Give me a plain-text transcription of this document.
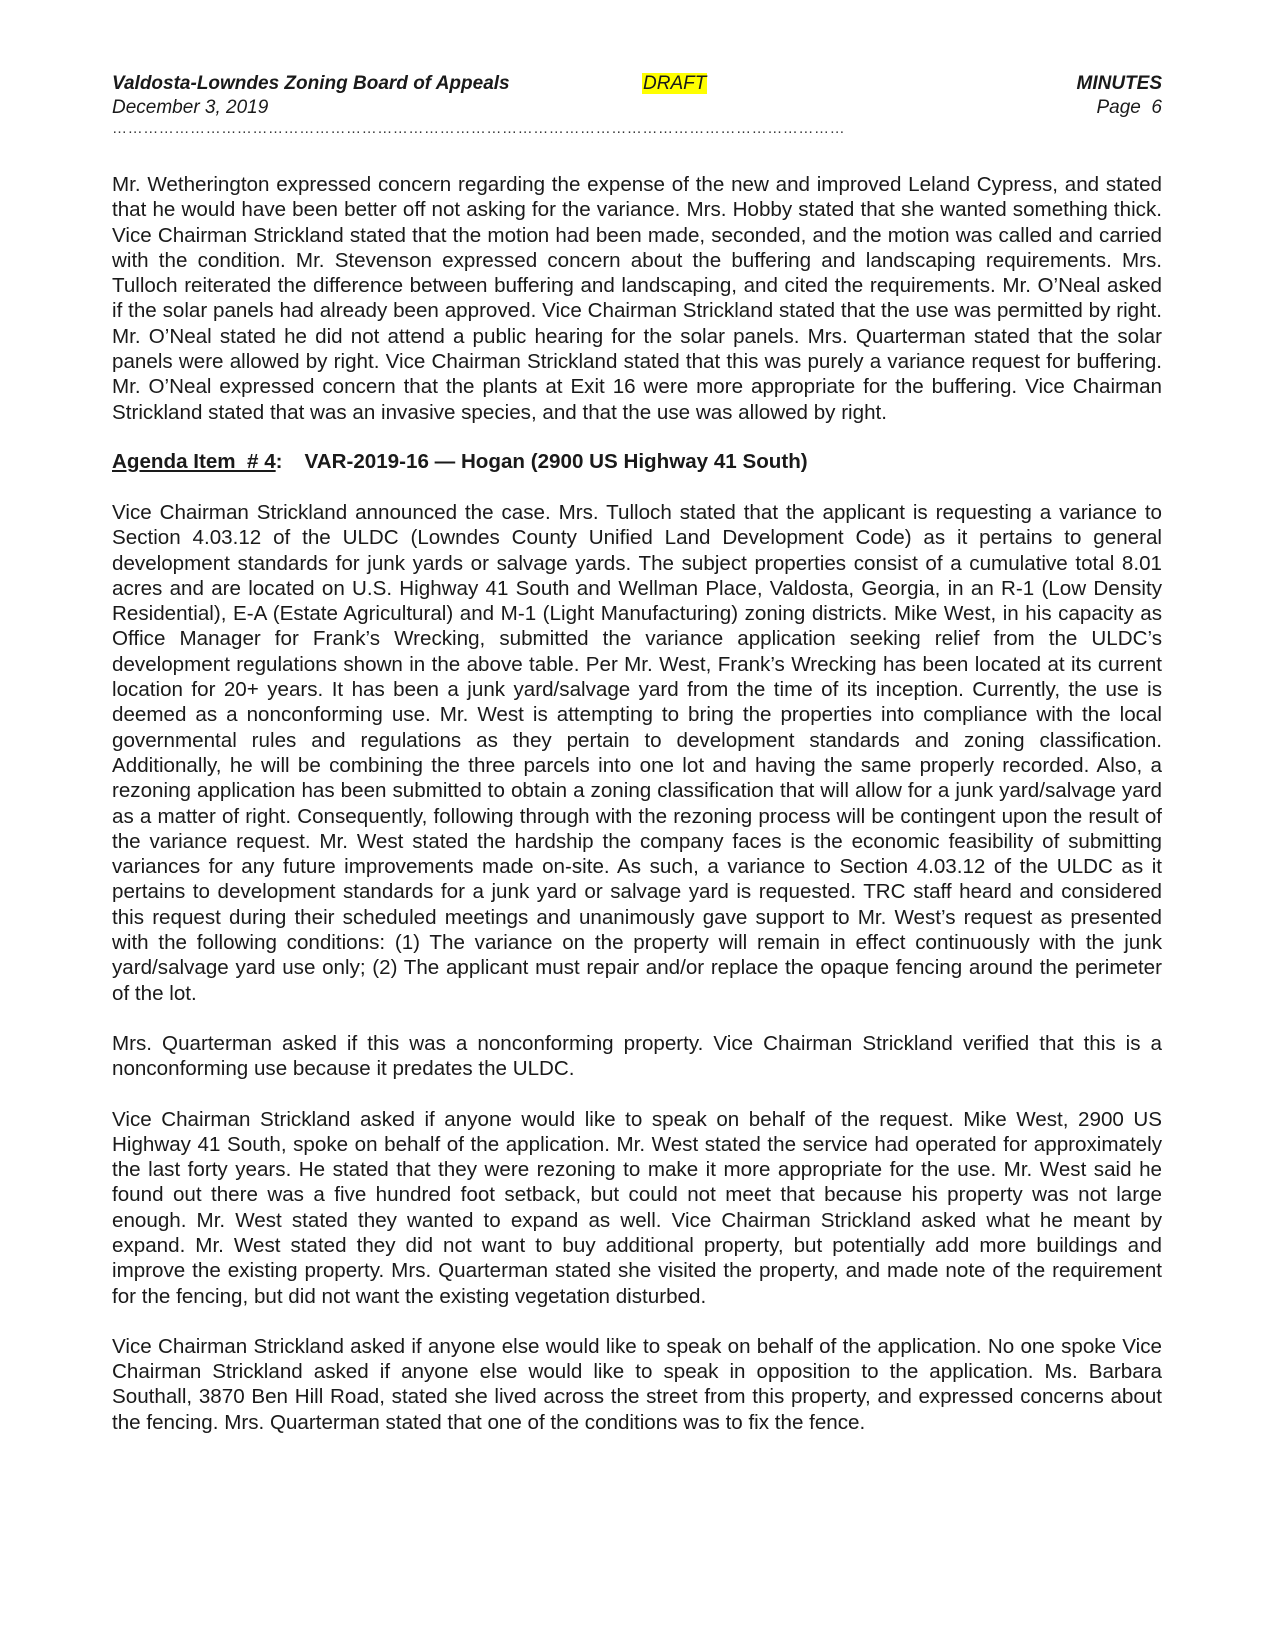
Valdosta-Lowndes Zoning Board of Appeals	DRAFT	MINUTES
December 3, 2019	Page  6
……………………………………………………………………………………………………………………………

Mr. Wetherington expressed concern regarding the expense of the new and improved Leland Cypress, and stated that he would have been better off not asking for the variance. Mrs. Hobby stated that she wanted something thick. Vice Chairman Strickland stated that the motion had been made, seconded, and the motion was called and carried with the condition. Mr. Stevenson expressed concern about the buffering and landscaping requirements. Mrs. Tulloch reiterated the difference between buffering and landscaping, and cited the requirements. Mr. O’Neal asked if the solar panels had already been approved. Vice Chairman Strickland stated that the use was permitted by right. Mr. O’Neal stated he did not attend a public hearing for the solar panels. Mrs. Quarterman stated that the solar panels were allowed by right. Vice Chairman Strickland stated that this was purely a variance request for buffering. Mr. O’Neal expressed concern that the plants at Exit 16 were more appropriate for the buffering. Vice Chairman Strickland stated that was an invasive species, and that the use was allowed by right.

Agenda Item  # 4: VAR-2019-16 — Hogan (2900 US Highway 41 South)

Vice Chairman Strickland announced the case. Mrs. Tulloch stated that the applicant is requesting a variance to Section 4.03.12 of the ULDC (Lowndes County Unified Land Development Code) as it pertains to general development standards for junk yards or salvage yards. The subject properties consist of a cumulative total 8.01 acres and are located on U.S. Highway 41 South and Wellman Place, Valdosta, Georgia, in an R-1 (Low Density Residential), E-A (Estate Agricultural) and M-1 (Light Manufacturing) zoning districts. Mike West, in his capacity as Office Manager for Frank’s Wrecking, submitted the variance application seeking relief from the ULDC’s development regulations shown in the above table. Per Mr. West, Frank’s Wrecking has been located at its current location for 20+ years. It has been a junk yard/salvage yard from the time of its inception. Currently, the use is deemed as a nonconforming use. Mr. West is attempting to bring the properties into compliance with the local governmental rules and regulations as they pertain to development standards and zoning classification. Additionally, he will be combining the three parcels into one lot and having the same properly recorded. Also, a rezoning application has been submitted to obtain a zoning classification that will allow for a junk yard/salvage yard as a matter of right. Consequently, following through with the rezoning process will be contingent upon the result of the variance request. Mr. West stated the hardship the company faces is the economic feasibility of submitting variances for any future improvements made on-site. As such, a variance to Section 4.03.12 of the ULDC as it pertains to development standards for a junk yard or salvage yard is requested. TRC staff heard and considered this request during their scheduled meetings and unanimously gave support to Mr. West’s request as presented with the following conditions: (1) The variance on the property will remain in effect continuously with the junk yard/salvage yard use only; (2) The applicant must repair and/or replace the opaque fencing around the perimeter of the lot.

Mrs. Quarterman asked if this was a nonconforming property. Vice Chairman Strickland verified that this is a nonconforming use because it predates the ULDC.

Vice Chairman Strickland asked if anyone would like to speak on behalf of the request. Mike West, 2900 US Highway 41 South, spoke on behalf of the application. Mr. West stated the service had operated for approximately the last forty years. He stated that they were rezoning to make it more appropriate for the use. Mr. West said he found out there was a five hundred foot setback, but could not meet that because his property was not large enough. Mr. West stated they wanted to expand as well. Vice Chairman Strickland asked what he meant by expand. Mr. West stated they did not want to buy additional property, but potentially add more buildings and improve the existing property. Mrs. Quarterman stated she visited the property, and made note of the requirement for the fencing, but did not want the existing vegetation disturbed.

Vice Chairman Strickland asked if anyone else would like to speak on behalf of the application. No one spoke Vice Chairman Strickland asked if anyone else would like to speak in opposition to the application. Ms. Barbara Southall, 3870 Ben Hill Road, stated she lived across the street from this property, and expressed concerns about the fencing. Mrs. Quarterman stated that one of the conditions was to fix the fence.
